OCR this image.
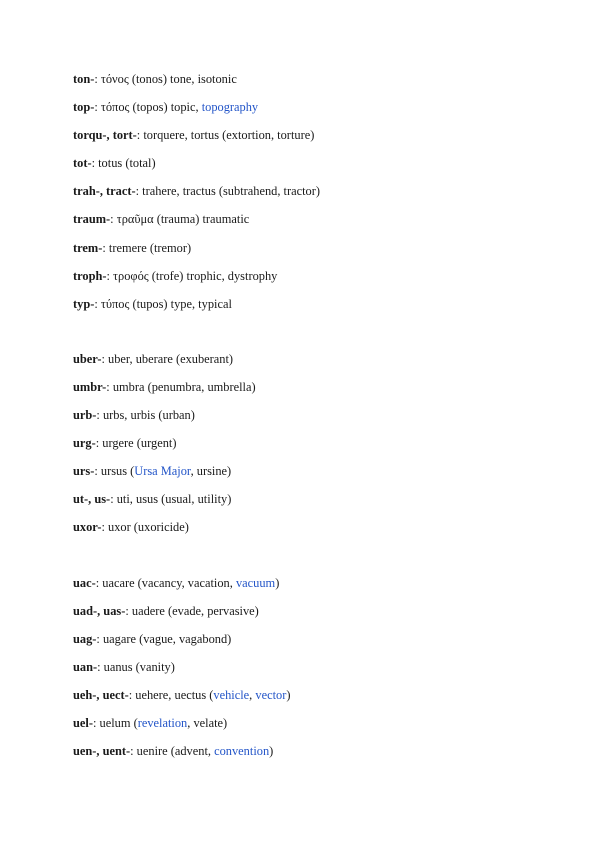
ton-: τόνος (tonos) tone, isotonic
top-: τόπος (topos) topic, topography
torqu-, tort-: torquere, tortus (extortion, torture)
tot-: totus (total)
trah-, tract-: trahere, tractus (subtrahend, tractor)
traum-: τραῦμα (trauma) traumatic
trem-: tremere (tremor)
troph-: τροφός (trofe) trophic, dystrophy
typ-: τύπος (tupos) type, typical
uber-: uber, uberare (exuberant)
umbr-: umbra (penumbra, umbrella)
urb-: urbs, urbis (urban)
urg-: urgere (urgent)
urs-: ursus (Ursa Major, ursine)
ut-, us-: uti, usus (usual, utility)
uxor-: uxor (uxoricide)
uac-: uacare (vacancy, vacation, vacuum)
uad-, uas-: uadere (evade, pervasive)
uag-: uagare (vague, vagabond)
uan-: uanus (vanity)
ueh-, uect-: uehere, uectus (vehicle, vector)
uel-: uelum (revelation, velate)
uen-, uent-: uenire (advent, convention)
